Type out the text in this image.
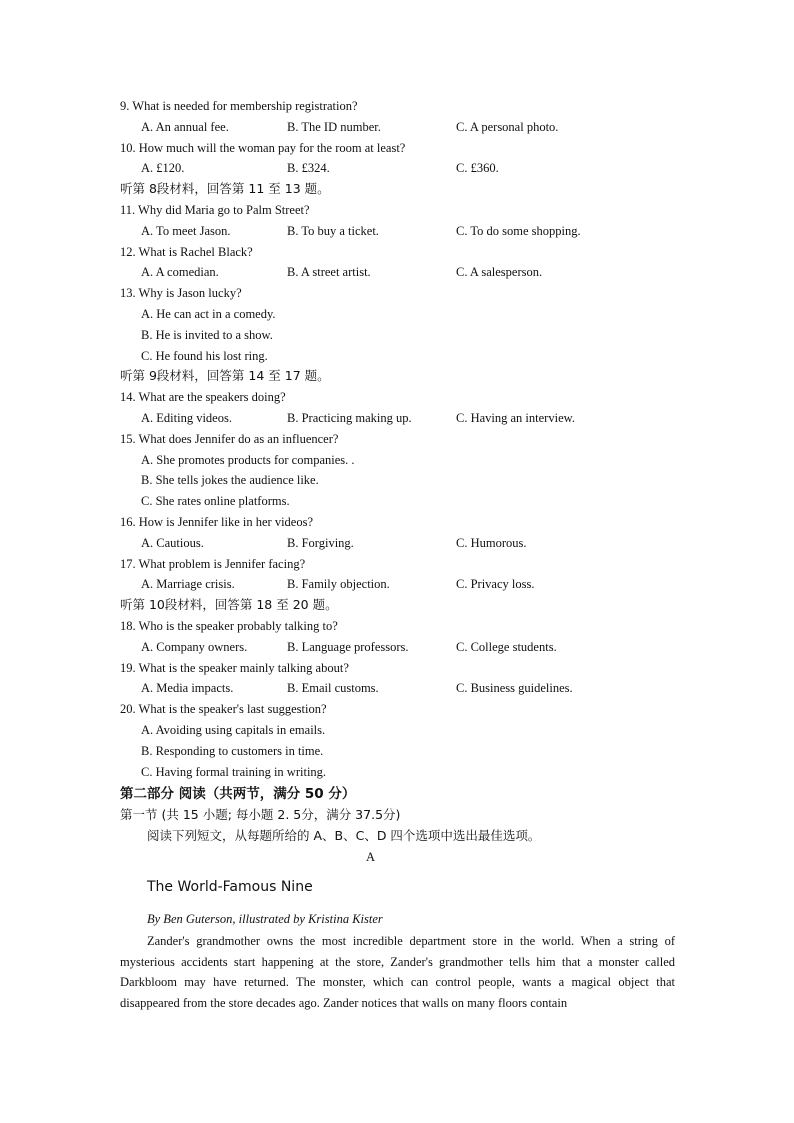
9. What is needed for membership registration?
A. An annual fee.	B. The ID number.	C. A personal photo.
10. How much will the woman pay for the room at least?
A. £120.	B. £324.	C. £360.
听第 8段材料，回答第 11 至 13 题。
11. Why did Maria go to Palm Street?
A. To meet Jason.	B. To buy a ticket.	C. To do some shopping.
12. What is Rachel Black?
A. A comedian.	B. A street artist.	C. A salesperson.
13. Why is Jason lucky?
A. He can act in a comedy.
B. He is invited to a show.
C. He found his lost ring.
听第 9段材料，回答第 14 至 17 题。
14. What are the speakers doing?
A. Editing videos.	B. Practicing making up.	C. Having an interview.
15. What does Jennifer do as an influencer?
A. She promotes products for companies. .
B. She tells jokes the audience like.
C. She rates online platforms.
16. How is Jennifer like in her videos?
A. Cautious.	B. Forgiving.	C. Humorous.
17. What problem is Jennifer facing?
A. Marriage crisis.	B. Family objection.	C. Privacy loss.
听第 10段材料，回答第 18 至 20 题。
18. Who is the speaker probably talking to?
A. Company owners.	B. Language professors.	C. College students.
19. What is the speaker mainly talking about?
A. Media impacts.	B. Email customs.	C. Business guidelines.
20. What is the speaker's last suggestion?
A. Avoiding using capitals in emails.
B. Responding to customers in time.
C. Having formal training in writing.
第二部分 阅读（共两节，满分 50 分）
第一节 (共 15 小题; 每小题 2. 5分，满分 37.5分)
阅读下列短文，从每题所给的 A、B、C、D 四个选项中选出最佳选项。
A
The World-Famous Nine
By Ben Guterson, illustrated by Kristina Kister
Zander's grandmother owns the most incredible department store in the world. When a string of mysterious accidents start happening at the store, Zander's grandmother tells him that a monster called Darkbloom may have returned. The monster, which can control people, wants a magical object that disappeared from the store decades ago. Zander notices that walls on many floors contain
